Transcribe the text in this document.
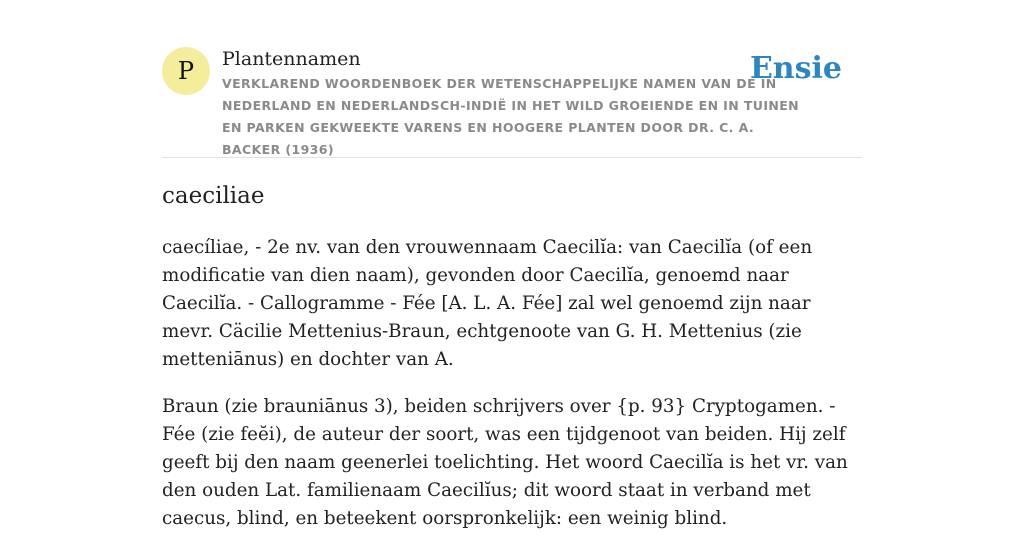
P	Plantennamen
VERKLAREND WOORDENBOEK DER WETENSCHAPPELIJKE NAMEN VAN DE IN NEDERLAND EN NEDERLANDSCH-INDIË IN HET WILD GROEIENDE EN IN TUINEN EN PARKEN GEKWEEKTE VARENS EN HOOGERE PLANTEN DOOR DR. C. A. BACKER (1936)
Ensie
caeciliae

caecíliae, - 2e nv. van den vrouwennaam Caecilĭa: van Caecilĭa (of een modificatie van dien naam), gevonden door Caecilĭa, genoemd naar Caecilĭa. - Callogramme - Fée [A. L. A. Fée] zal wel genoemd zijn naar mevr. Cäcilie Mettenius-Braun, echtgenoote van G. H. Mettenius (zie metteniānus) en dochter van A.

Braun (zie brauniānus 3), beiden schrijvers over {p. 93} Cryptogamen. - Fée (zie feĕi), de auteur der soort, was een tijdgenoot van beiden. Hij zelf geeft bij den naam geenerlei toelichting. Het woord Caecilĭa is het vr. van den ouden Lat. familienaam Caecilĭus; dit woord staat in verband met caecus, blind, en beteekent oorspronkelijk: een weinig blind.
